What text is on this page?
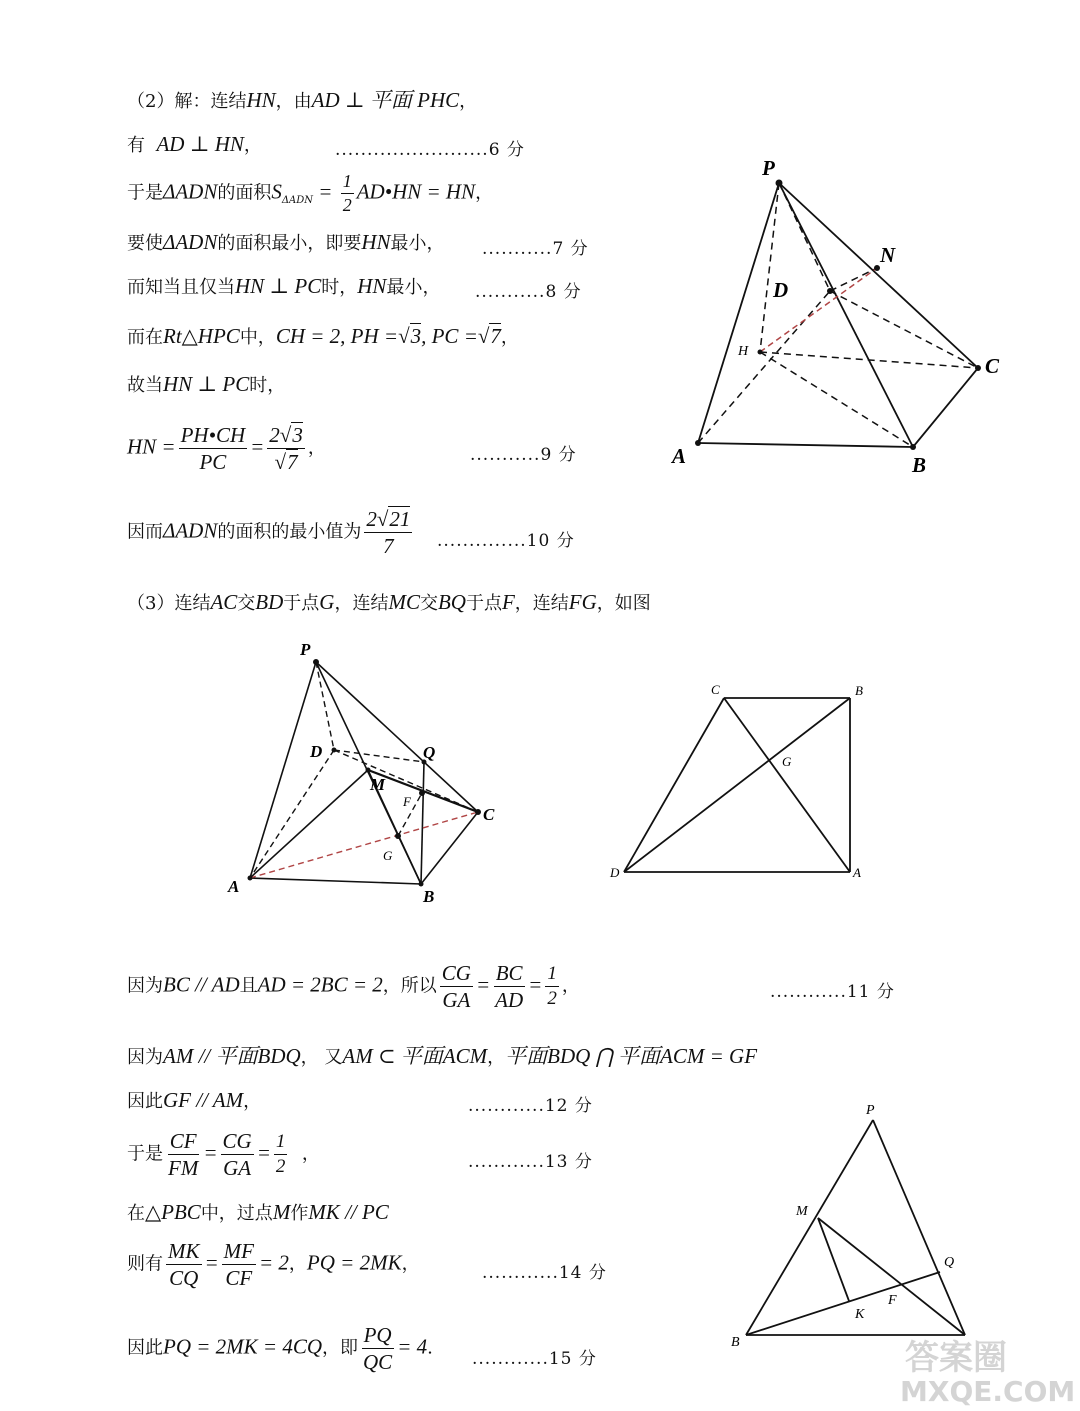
（2）解：连结HN，由AD ⊥ 平面 PHC，
有 AD ⊥ HN，	........................6 分
于是ΔADN的面积$S_{\Delta ADN} = \frac{1}{2}$ AD•HN = HN，
要使ΔADN的面积最小，即要HN最小， ...........7 分
而知当且仅当HN ⊥ PC时，HN最小， ...........8 分
而在Rt△HPC中，CH = 2, PH =√3, PC =√7，
故当HN ⊥ PC时，
HN = $\frac{PH•CH}{PC} = \frac{2√3}{√7}$ ，	...........9 分
因而ΔADN的面积的最小值为 $\frac{2√21}{7} ..............10$ 分
P
N
D
H
C
A	B
（3）连结AC交BD于点G，连结MC交BQ于点F，连结FG，如图
P
D	Q
M
F
C
G
A
B
C	B
G
D	A
因为BC // AD且AD = 2BC = 2，所以 $\frac{CG}{GA} = \frac{BC}{AD} = \frac{1}{2}$ ，	............11 分
因为AM // 平面BDQ， 又AM ⊂ 平面ACM，平面BDQ ⋂ 平面ACM = GF
因此GF // AM，	............12 分
于是 $\frac{CF}{FM} = \frac{CG}{GA} = \frac{1}{2}$ ，	............13 分
在△PBC中，过点M作MK // PC
则有 $\frac{MK}{CQ} = \frac{MF}{CF} = 2$，PQ = 2MK，	............14 分
因此PQ = 2MK = 4CQ，即 $\frac{PQ}{QC} = 4$.
............15 分
P
M
Q
F
K
B	答案圈
MXQE.COM
